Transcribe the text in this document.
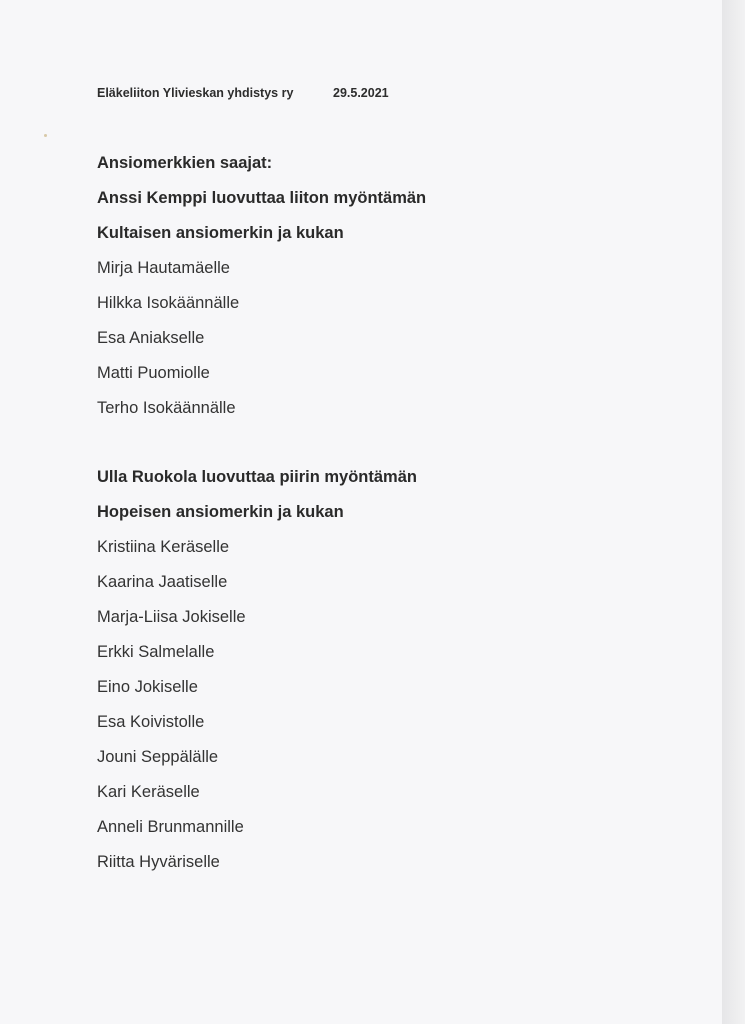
Eläkeliiton Ylivieskan yhdistys ry	29.5.2021
Ansiomerkkien saajat:
Anssi Kemppi luovuttaa liiton myöntämän
Kultaisen ansiomerkin ja kukan
Mirja Hautamäelle
Hilkka Isokäännälle
Esa Aniakselle
Matti Puomiolle
Terho Isokäännälle
Ulla Ruokola luovuttaa piirin myöntämän
Hopeisen ansiomerkin ja kukan
Kristiina Keräselle
Kaarina Jaatiselle
Marja-Liisa Jokiselle
Erkki Salmelalle
Eino Jokiselle
Esa Koivistolle
Jouni Seppälälle
Kari Keräselle
Anneli Brunmannille
Riitta Hyväriselle
